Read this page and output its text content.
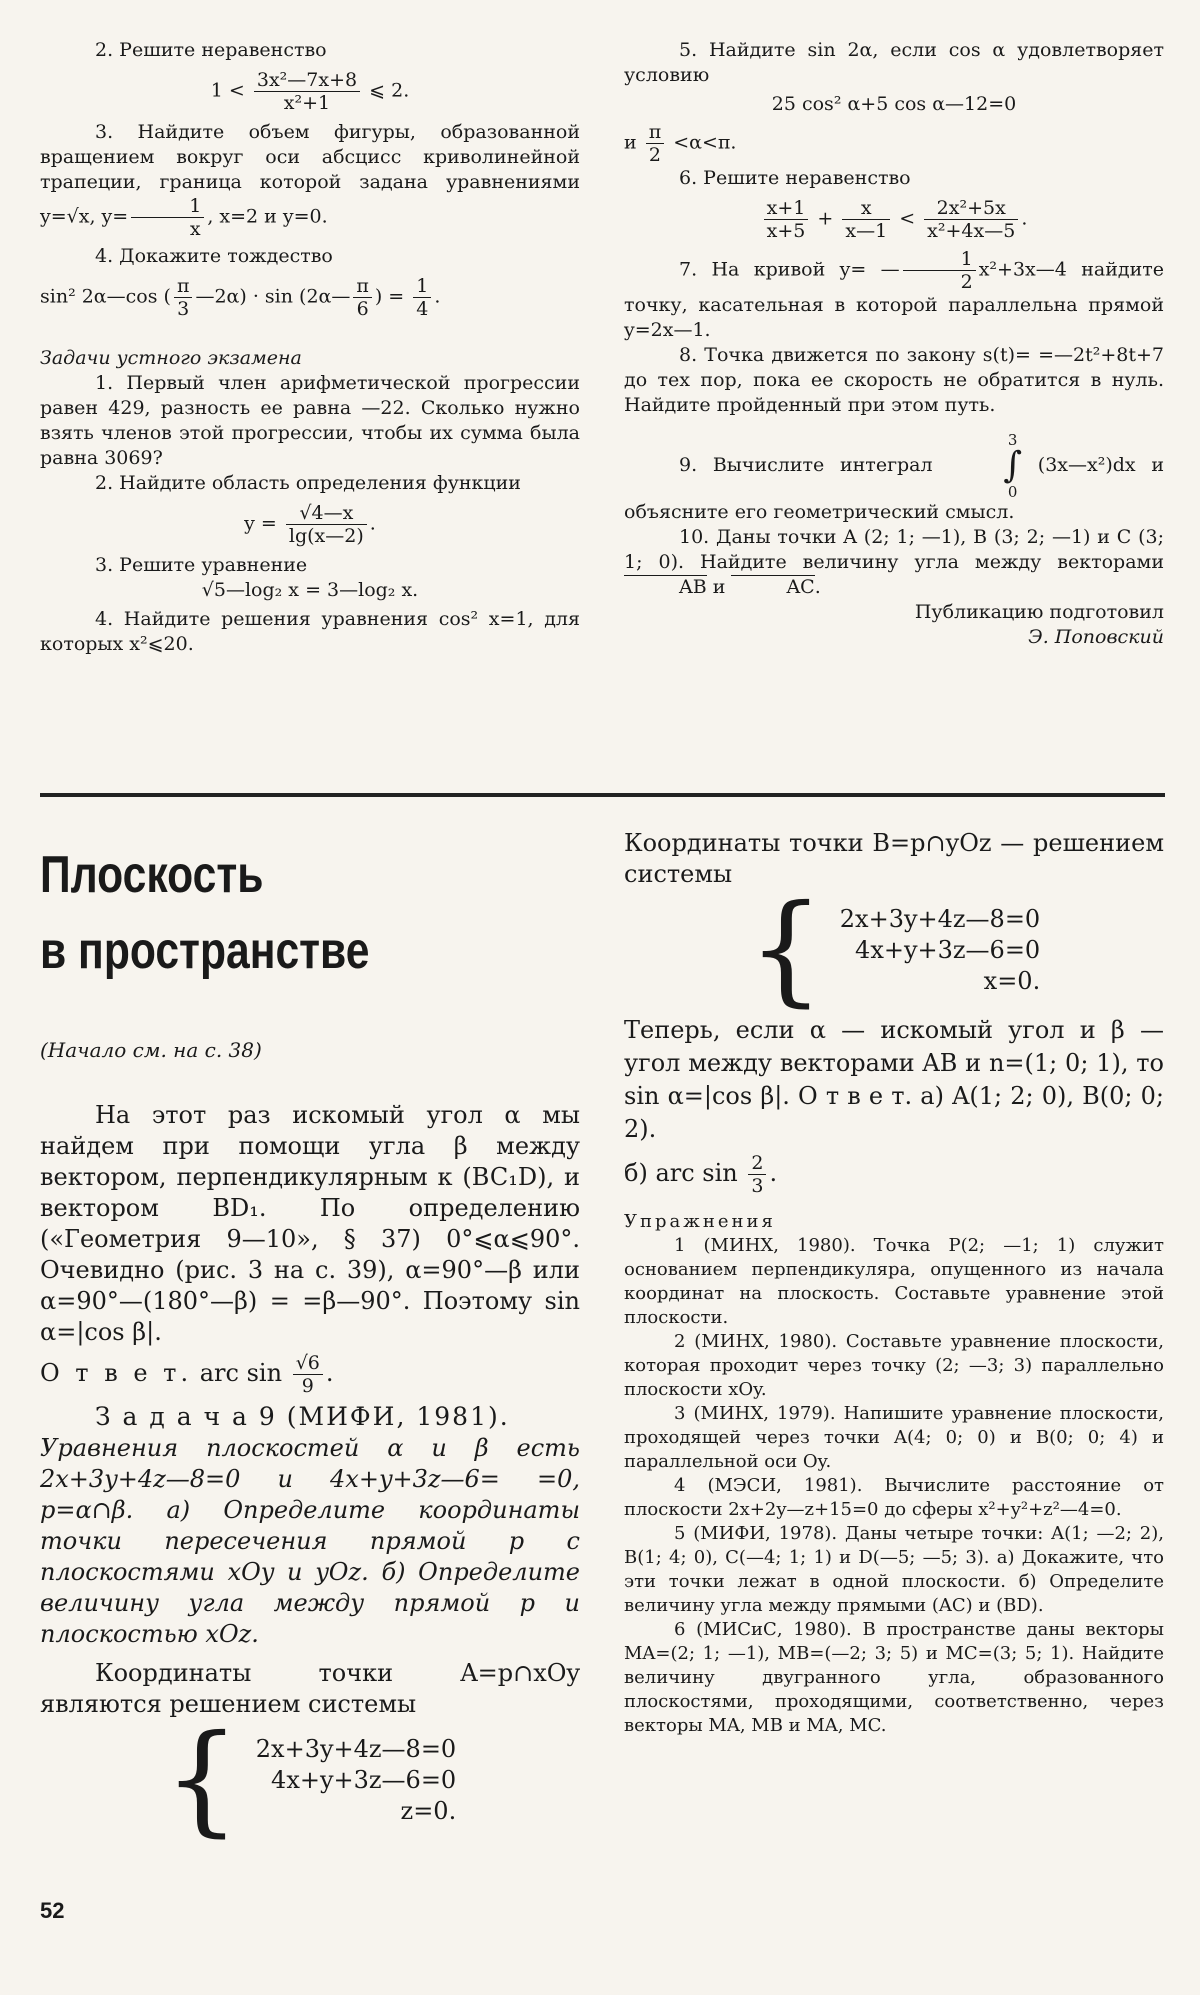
2. Решите неравенство

$1 < \frac{\text{3x²—7x+8}}{\text{x²+1}}$ ⩽ 2.

3. Найдите объем фигуры, образованной вращением вокруг оси абсцисс криволинейной трапеции, граница которой задана уравнениями y=√x, $y= \frac{1}{x}$ , x=2 и y=0.

4. Докажите тождество

sin² 2α—cos ( $\frac{\pi}{3}$ —2α) · sin (2α— $\frac{\pi}{6}$ ) = $\frac{1}{4}$ .

Задачи устного экзамена

1. Первый член арифметической прогрессии равен 429, разность ее равна —22. Сколько нужно взять членов этой прогрессии, чтобы их сумма была равна 3069?

2. Найдите область определения функции

$y = \frac{√4—x}{\lg(x—2)}$ .

3. Решите уравнение

√5—log₂ x = 3—log₂ x.

4. Найдите решения уравнения cos² x=1, для которых x²⩽20.

5. Найдите sin 2α, если cos α удовлетворяет условию

25 cos² α+5 cos α—12=0
и $\frac{\pi}{2} <\alpha<\pi$.

6. Решите неравенство

$\frac{x+1}{x+5} + \frac{x}{x—1} < \frac{\text{2x²+5x}}{\text{x²+4x—5}}$ .

7. На кривой y= — $\frac{1}{2}$ x²+3x—4 найдите точку, касательная в которой параллельна прямой y=2x—1.

8. Точка движется по закону s(t)= =—2t²+8t+7 до тех пор, пока ее скорость не обратится в нуль. Найдите пройденный при этом путь.

9. Вычислите интеграл
3
∫
0
(3x—x²)dx и объясните его геометрический смысл.

10. Даны точки A (2; 1; —1), B (3; 2; —1) и C (3; 1; 0). Найдите величину угла между векторами AB и	AC.

Публикацию подготовил

Э. Поповский

Плоскость
в пространстве
(Начало см. на с. 38)

На этот раз искомый угол α мы найдем при помощи угла β между вектором, перпендикулярным к (BC₁D), и вектором BD₁. По определению («Геометрия 9—10», § 37) 0°⩽α⩽90°. Очевидно (рис. 3 на с. 39), α=90°—β или α=90°—(180°—β) = =β—90°. Поэтому sin α=|cos β|.

О т в е т. arc $\sin \frac{√6}{9}$ .
З а д а ч а 9 (МИФИ, 1981).

Уравнения плоскостей α и β есть 2x+3y+4z—8=0 и 4x+y+3z—6= =0, p=α∩β. а) Определите координаты точки пересечения прямой p с плоскостями xOy и yOz. б) Определите величину угла между прямой p и плоскостью xOz.

Координаты точки A=p∩xOy являются решением системы

{ 2x+3y+4z—8=0
4x+y+3z—6=0
z=0.

Координаты точки B=p∩yOz — решением системы

{ 2x+3y+4z—8=0
4x+y+3z—6=0
x=0.

Теперь, если α — искомый угол и β — угол между векторами AB и n=(1; 0; 1), то sin α=|cos β|. О т в е т. а) A(1; 2; 0), B(0; 0; 2).

б) arc $\sin \frac{2}{3}$ .
Упражнения

1 (МИНХ, 1980). Точка P(2; —1; 1) служит основанием перпендикуляра, опущенного из начала координат на плоскость. Составьте уравнение этой плоскости.

2 (МИНХ, 1980). Составьте уравнение плоскости, которая проходит через точку (2; —3; 3) параллельно плоскости xOy.

3 (МИНХ, 1979). Напишите уравнение плоскости, проходящей через точки A(4; 0; 0) и B(0; 0; 4) и параллельной оси Oy.

4 (МЭСИ, 1981). Вычислите расстояние от плоскости 2x+2y—z+15=0 до сферы x²+y²+z²—4=0.

5 (МИФИ, 1978). Даны четыре точки: A(1; —2; 2), B(1; 4; 0), C(—4; 1; 1) и D(—5; —5; 3). а) Докажите, что эти точки лежат в одной плоскости. б) Определите величину угла между прямыми (AC) и (BD).

6 (МИСиС, 1980). В пространстве даны векторы MA=(2; 1; —1), MB=(—2; 3; 5) и MC=(3; 5; 1). Найдите величину двугранного угла, образованного плоскостями, проходящими, соответственно, через векторы MA, MB и MA, MC.

52
